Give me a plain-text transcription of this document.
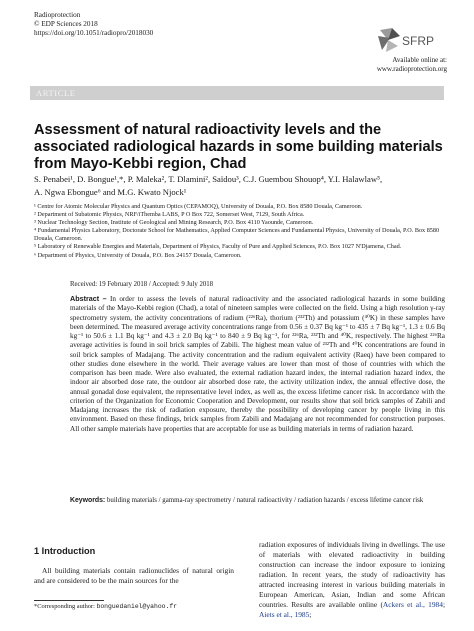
Radioprotection
© EDP Sciences 2018
https://doi.org/10.1051/radiopro/2018030
SFRP
Available online at:
www.radioprotection.org
ARTICLE
Assessment of natural radioactivity levels and the associated radiological hazards in some building materials from Mayo-Kebbi region, Chad
S. Penabei¹, D. Bongue¹,*, P. Maleka², T. Dlamini², Saïdou³, C.J. Guembou Shouop⁴, Y.I. Halawlaw⁵,
A. Ngwa Ebongue⁶ and M.G. Kwato Njock¹

¹ Centre for Atomic Molecular Physics and Quantum Optics (CEPAMOQ), University of Douala, P.O. Box 8580 Douala, Cameroon.

² Department of Subatomic Physics, NRF/iThemba LABS, P O Box 722, Somerset West, 7129, South Africa.

³ Nuclear Technology Section, Institute of Geological and Mining Research, P.O. Box 4110 Yaounde, Cameroon.

⁴ Fundamental Physics Laboratory, Doctorate School for Mathematics, Applied Computer Sciences and Fundamental Physics, University of Douala, P.O. Box 8580 Douala, Cameroon.

⁵ Laboratory of Renewable Energies and Materials, Department of Physics, Faculty of Pure and Applied Sciences, P.O. Box 1027 N'Djamena, Chad.

⁶ Department of Physics, University of Douala, P.O. Box 24157 Douala, Cameroon.

Received: 19 February 2018 / Accepted: 9 July 2018

Abstract – In order to assess the levels of natural radioactivity and the associated radiological hazards in some building materials of the Mayo-Kebbi region (Chad), a total of nineteen samples were collected on the field. Using a high resolution γ-ray spectrometry system, the activity concentrations of radium (²²⁶Ra), thorium (²³²Th) and potassium (⁴⁰K) in these samples have been determined. The measured average activity concentrations range from 0.56 ± 0.37 Bq kg⁻¹ to 435 ± 7 Bq kg⁻¹, 1.3 ± 0.6 Bq kg⁻¹ to 50.6 ± 1.1 Bq kg⁻¹ and 4.3 ± 2.0 Bq kg⁻¹ to 840 ± 9 Bq kg⁻¹, for ²²⁶Ra, ²³²Th and ⁴⁰K, respectively. The highest ²²⁶Ra average activities is found in soil brick samples of Zabili. The highest mean value of ²³²Th and ⁴⁰K concentrations are found in soil brick samples of Madajang. The activity concentration and the radium equivalent activity (Raeq) have been compared to other studies done elsewhere in the world. Their average values are lower than most of those of countries with which the comparison has been made. Were also evaluated, the external radiation hazard index, the internal radiation hazard index, the indoor air absorbed dose rate, the outdoor air absorbed dose rate, the activity utilization index, the annual effective dose, the annual gonadal dose equivalent, the representative level index, as well as, the excess lifetime cancer risk. In accordance with the criterion of the Organization for Economic Cooperation and Development, our results show that soil brick samples of Zabili and Madajang increases the risk of radiation exposure, thereby the possibility of developing cancer by people living in this environment. Based on these findings, brick samples from Zabili and Madajang are not recommended for construction purposes. All other sample materials have properties that are acceptable for use as building materials in terms of radiation hazard.

Keywords: building materials / gamma-ray spectrometry / natural radioactivity / radiation hazards / excess lifetime cancer risk

1 Introduction

All building materials contain radionuclides of natural origin and are considered to be the main sources for the

radiation exposures of individuals living in dwellings. The use of materials with elevated radioactivity in building construction can increase the indoor exposure to ionizing radiation. In recent years, the study of radioactivity has attracted increasing interest in various building materials in European American, Asian, Indian and some African countries. Results are available online (Ackers et al., 1984; Aiets et al., 1985;

*Corresponding author: bonguedaniel@yahoo.fr
